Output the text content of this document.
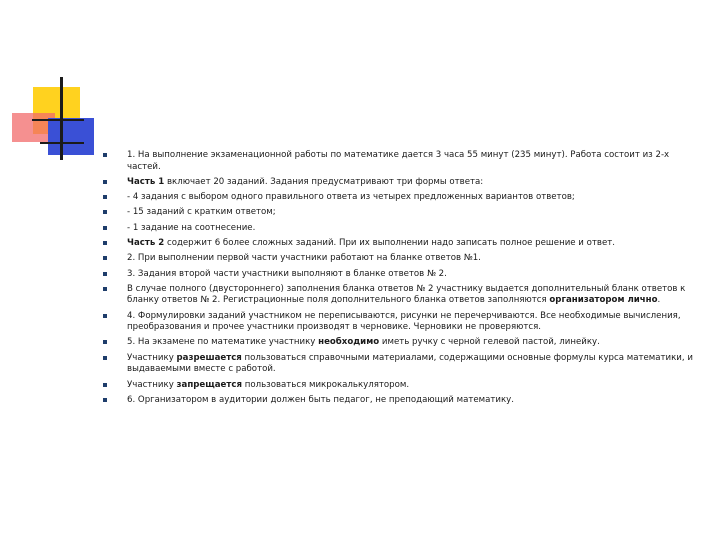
1. На выполнение экзаменационной работы по математике дается 3 часа 55 минут (235 минут). Работа состоит из 2-х частей.
Часть 1 включает 20 заданий. Задания предусматривают три формы ответа:
- 4 задания с выбором одного правильного ответа из четырех предложенных вариантов ответов;
- 15 заданий с кратким ответом;
- 1 задание на соотнесение.
Часть 2 содержит 6 более сложных заданий. При их выполнении надо записать полное решение и ответ.
2. При выполнении первой части участники работают на бланке ответов №1.
3. Задания второй части участники выполняют в бланке ответов № 2.
В случае полного (двустороннего) заполнения бланка ответов № 2 участнику выдается дополнительный бланк ответов к бланку ответов № 2. Регистрационные поля дополнительного бланка ответов заполняются организатором лично.
4. Формулировки заданий участником не переписываются, рисунки не перечерчиваются. Все необходимые вычисления, преобразования и прочее участники производят в черновике. Черновики не проверяются.
5. На экзамене по математике участнику необходимо иметь ручку с черной гелевой пастой, линейку.
Участнику разрешается пользоваться справочными материалами, содержащими основные формулы курса математики, и выдаваемыми вместе с работой.
Участнику запрещается пользоваться микрокалькулятором.
6. Организатором в аудитории должен быть педагог, не преподающий математику.
